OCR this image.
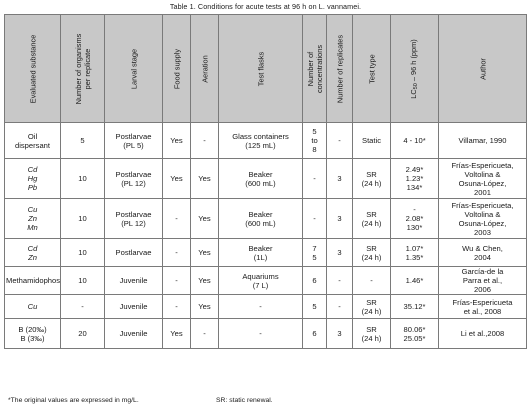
Table 1. Conditions for acute tests at 96 h on L. vannamei.
Evaluated substance	Number of organisms
per replicate	Larval stage	Food supply	Aeration	Test flasks	Number of
concentrations	Number of replicates	Test type	$LC_{50} - 96$ h (ppm)	Author

Oil
dispersant	5	Postlarvae
(PL 5)	Yes	-	Glass containers
(125 mL)	5
to
8	-	Static	4 - 10*	Villamar, 1990
Cd
Hg
Pb	10	Postlarvae
(PL 12)	Yes	Yes	Beaker
(600 mL)	-	3	SR
(24 h)	2.49*
1.23*
134*	Frías-Espericueta,
Voltolina &
Osuna-López,
2001
Cu
Zn
Mn	10	Postlarvae
(PL 12)	-	Yes	Beaker
(600 mL)	-	3	SR
(24 h)	-
2.08*
130*	Frías-Espericueta,
Voltolina &
Osuna-López,
2003
Cd
Zn	10	Postlarvae	-	Yes	Beaker
(1L)	7
5	3	SR
(24 h)	1.07*
1.35*	Wu & Chen,
2004
Methamidophos	10	Juvenile	-	Yes	Aquariums
(7 L)	6	-	-	1.46*	García-de la
Parra et al.,
2006
Cu	-	Juvenile	-	Yes	-	5	-	SR
(24 h)	35.12*	Frías-Espericueta
et al., 2008
B (20‰)
B (3‰)	20	Juvenile	Yes	-	-	6	3	SR
(24 h)	80.06*
25.05*	Li et al.,2008
*The original values are expressed in mg/L.	SR: static renewal.
